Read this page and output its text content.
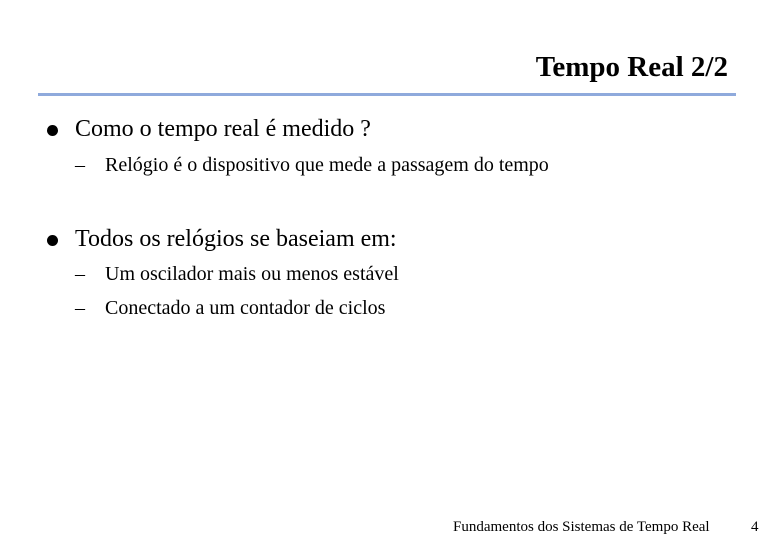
Tempo Real 2/2
Como o tempo real é medido ?
– Relógio é o dispositivo que mede a passagem do tempo
Todos os relógios se baseiam em:
– Um oscilador mais ou menos estável
– Conectado a um contador de ciclos
Fundamentos dos Sistemas de Tempo Real	4
